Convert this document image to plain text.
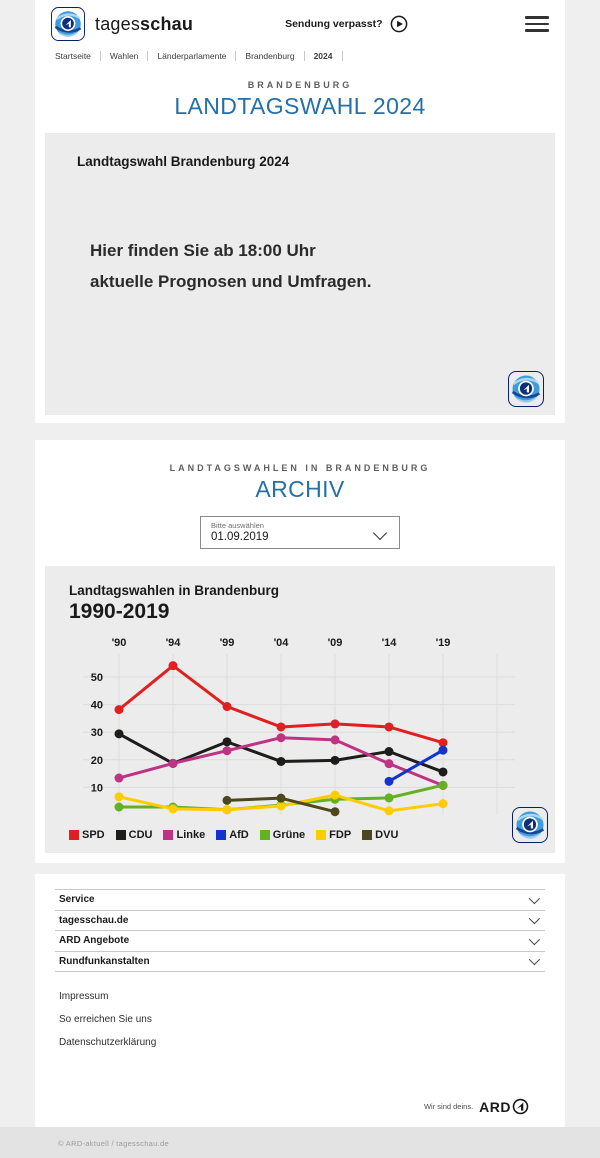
tagesschau	Sendung verpasst?
Startseite	Wahlen	Länderparlamente	Brandenburg	2024
BRANDENBURG
LANDTAGSWAHL 2024
Landtagswahl Brandenburg 2024
Hier finden Sie ab 18:00 Uhr
aktuelle Prognosen und Umfragen.
LANDTAGSWAHLEN IN BRANDENBURG
ARCHIV
Bitte auswählen
01.09.2019
Landtagswahlen in Brandenburg
1990-2019
10
20
30
40
50
'90	'94	'99	'04	'09	'14	'19
SPD CDU Linke AfD Grüne FDP DVU
Service
tagesschau.de
ARD Angebote
Rundfunkanstalten
Impressum
So erreichen Sie uns
Datenschutzerklärung
Wir sind deins. ARD
© ARD-aktuell / tagesschau.de
